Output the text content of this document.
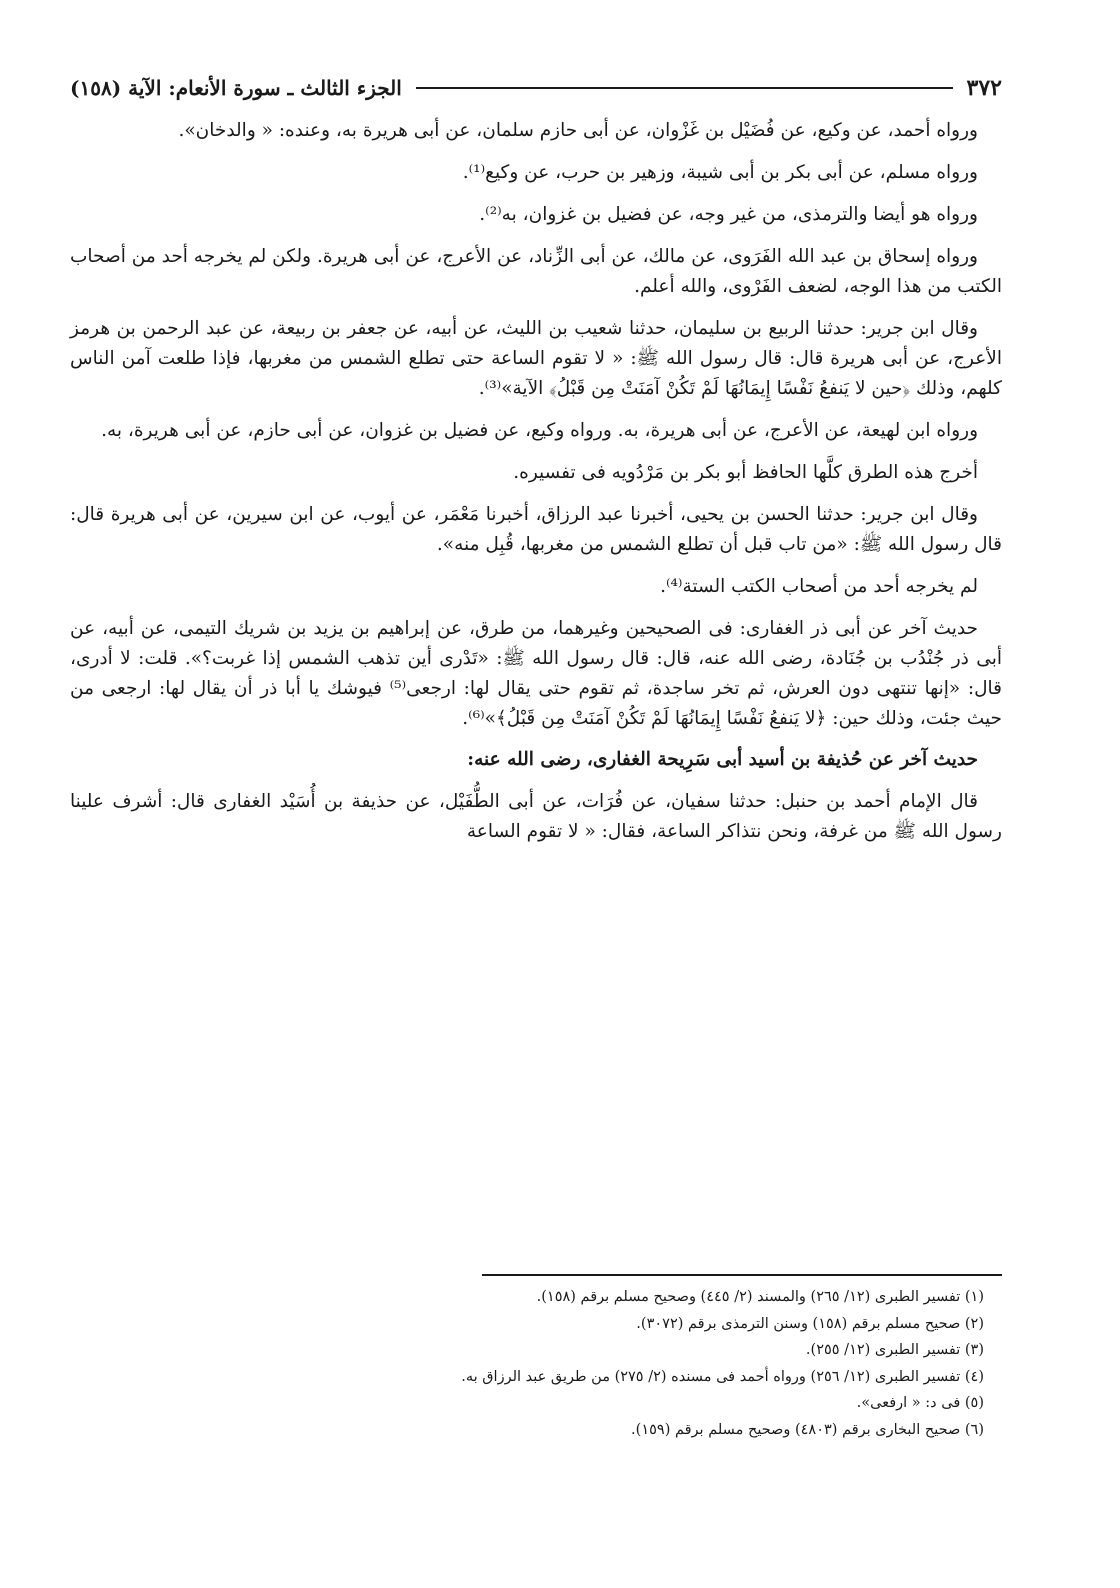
٣٧٢
الجزء الثالث ـ سورة الأنعام: الآية (١٥٨)

ورواه أحمد، عن وكيع، عن فُضَيْل بن غَزْوان، عن أبى حازم سلمان، عن أبى هريرة به، وعنده: « والدخان».

ورواه مسلم، عن أبى بكر بن أبى شيبة، وزهير بن حرب، عن وكيع⁽¹⁾.

ورواه هو أيضا والترمذى، من غير وجه، عن فضيل بن غزوان، به⁽²⁾.

ورواه إسحاق بن عبد الله الفَرَوى، عن مالك، عن أبى الزِّناد، عن الأعرج، عن أبى هريرة. ولكن لم يخرجه أحد من أصحاب الكتب من هذا الوجه، لضعف الفَرْوى، والله أعلم.

وقال ابن جرير: حدثنا الربيع بن سليمان، حدثنا شعيب بن الليث، عن أبيه، عن جعفر بن ربيعة، عن عبد الرحمن بن هرمز الأعرج، عن أبى هريرة قال: قال رسول الله ﷺ: « لا تقوم الساعة حتى تطلع الشمس من مغربها، فإذا طلعت آمن الناس كلهم، وذلك ﴿حين لا يَنفعُ نَفْسًا إِيمَانُهَا لَمْ تَكُنْ آمَنَتْ مِن قَبْلُ﴾ الآية»⁽³⁾.

ورواه ابن لهيعة، عن الأعرج، عن أبى هريرة، به. ورواه وكيع، عن فضيل بن غزوان، عن أبى حازم، عن أبى هريرة، به.

أخرج هذه الطرق كلَّها الحافظ أبو بكر بن مَرْدُويه فى تفسيره.

وقال ابن جرير: حدثنا الحسن بن يحيى، أخبرنا عبد الرزاق، أخبرنا مَعْمَر، عن أيوب، عن ابن سيرين، عن أبى هريرة قال: قال رسول الله ﷺ: «من تاب قبل أن تطلع الشمس من مغربها، قُبِل منه».

لم يخرجه أحد من أصحاب الكتب الستة⁽⁴⁾.

حديث آخر عن أبى ذر الغفارى: فى الصحيحين وغيرهما، من طرق، عن إبراهيم بن يزيد بن شريك التيمى، عن أبيه، عن أبى ذر جُنْدُب بن جُنَادة، رضى الله عنه، قال: قال رسول الله ﷺ: «تَدْرى أين تذهب الشمس إذا غربت؟». قلت: لا أدرى، قال: «إنها تنتهى دون العرش، ثم تخر ساجدة، ثم تقوم حتى يقال لها: ارجعى⁽⁵⁾ فيوشك يا أبا ذر أن يقال لها: ارجعى من حيث جئت، وذلك حين: ﴿لا يَنفعُ نَفْسًا إِيمَانُهَا لَمْ تَكُنْ آمَنَتْ مِن قَبْلُ﴾»⁽⁶⁾.

حديث آخر عن حُذيفة بن أسيد أبى سَرِيحة الغفارى، رضى الله عنه:

قال الإمام أحمد بن حنبل: حدثنا سفيان، عن فُرَات، عن أبى الطُّفَيْل، عن حذيفة بن أُسَيْد الغفارى قال: أشرف علينا رسول الله ﷺ من غرفة، ونحن نتذاكر الساعة، فقال: « لا تقوم الساعة

(١) تفسير الطبرى (١٢/ ٢٦٥) والمسند (٢/ ٤٤٥) وصحيح مسلم برقم (١٥٨).
(٢) صحيح مسلم برقم (١٥٨) وسنن الترمذى برقم (٣٠٧٢).
(٣) تفسير الطبرى (١٢/ ٢٥٥).
(٤) تفسير الطبرى (١٢/ ٢٥٦) ورواه أحمد فى مسنده (٢/ ٢٧٥) من طريق عبد الرزاق به.
(٥) فى د: « ارفعى».
(٦) صحيح البخارى برقم (٤٨٠٣) وصحيح مسلم برقم (١٥٩).
